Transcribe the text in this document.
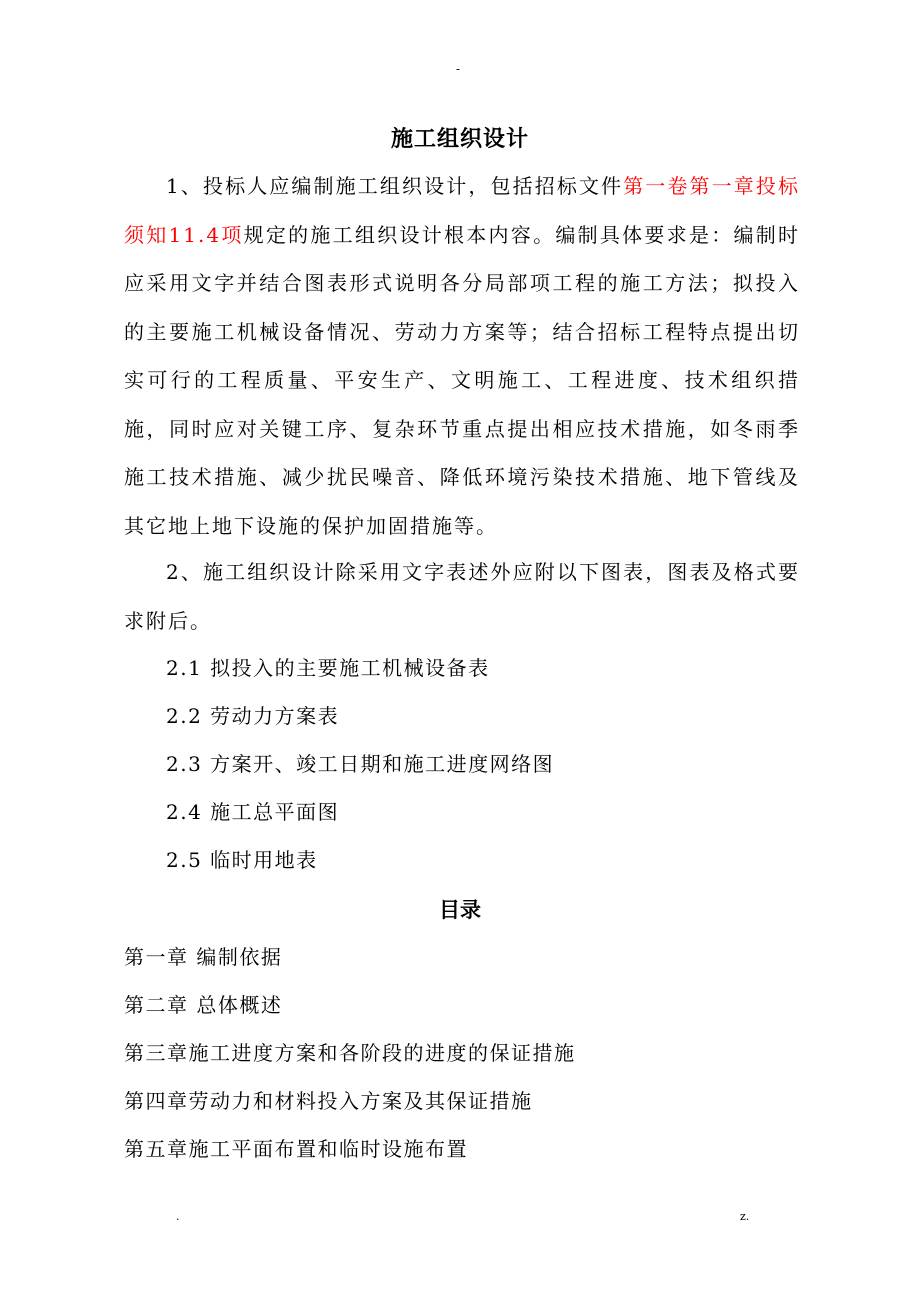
-
施工组织设计

1、投标人应编制施工组织设计，包括招标文件第一卷第一章投标须知11.4项规定的施工组织设计根本内容。编制具体要求是：编制时应采用文字并结合图表形式说明各分局部项工程的施工方法；拟投入的主要施工机械设备情况、劳动力方案等；结合招标工程特点提出切实可行的工程质量、平安生产、文明施工、工程进度、技术组织措施，同时应对关键工序、复杂环节重点提出相应技术措施，如冬雨季施工技术措施、减少扰民噪音、降低环境污染技术措施、地下管线及其它地上地下设施的保护加固措施等。

2、施工组织设计除采用文字表述外应附以下图表，图表及格式要求附后。

2.1 拟投入的主要施工机械设备表
2.2 劳动力方案表
2.3 方案开、竣工日期和施工进度网络图
2.4 施工总平面图
2.5 临时用地表
目录
第一章 编制依据
第二章 总体概述
第三章施工进度方案和各阶段的进度的保证措施
第四章劳动力和材料投入方案及其保证措施
第五章施工平面布置和临时设施布置
.	z.
